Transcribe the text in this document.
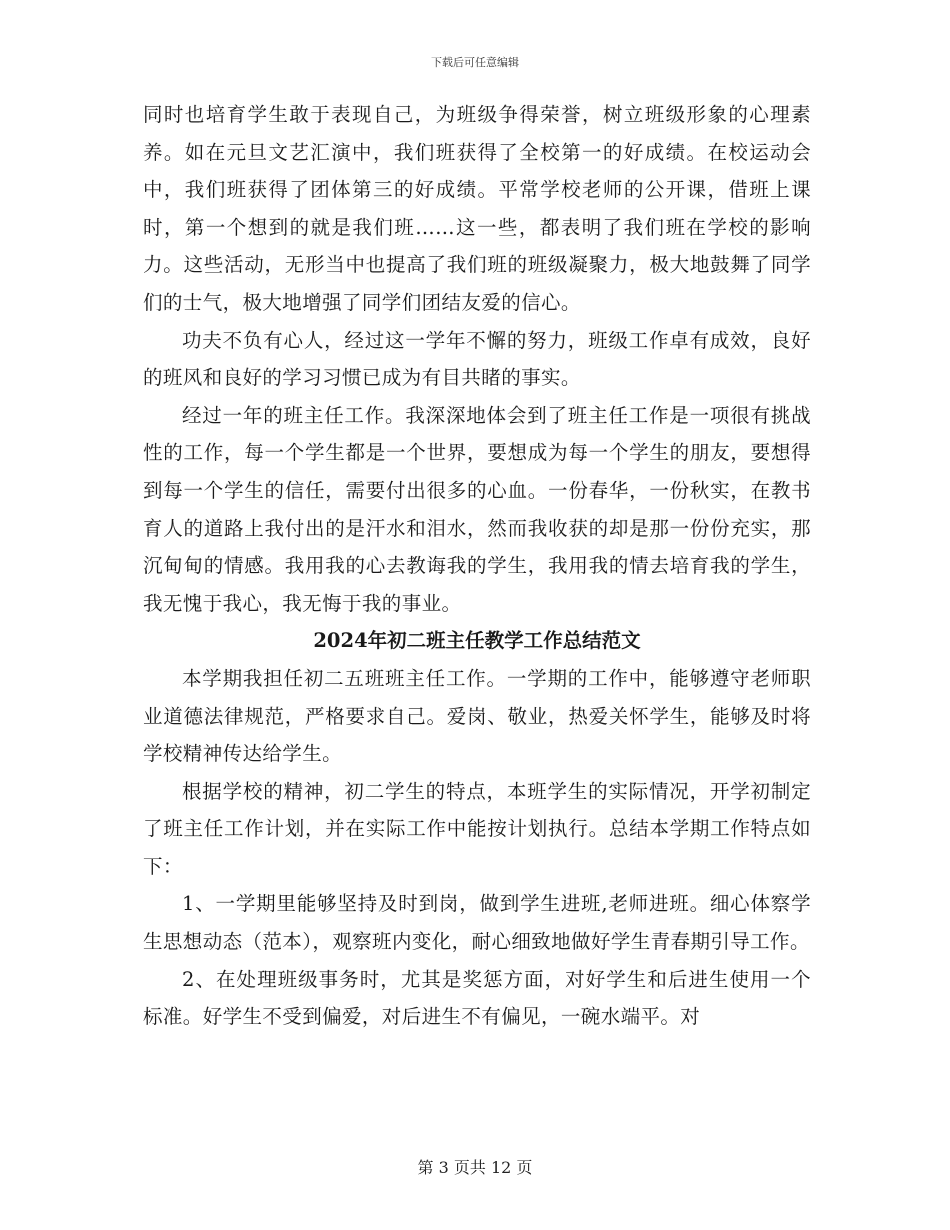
下载后可任意编辑

同时也培育学生敢于表现自己，为班级争得荣誉，树立班级形象的心理素养。如在元旦文艺汇演中，我们班获得了全校第一的好成绩。在校运动会中，我们班获得了团体第三的好成绩。平常学校老师的公开课，借班上课时，第一个想到的就是我们班……这一些，都表明了我们班在学校的影响力。这些活动，无形当中也提高了我们班的班级凝聚力，极大地鼓舞了同学们的士气，极大地增强了同学们团结友爱的信心。

功夫不负有心人，经过这一学年不懈的努力，班级工作卓有成效，良好的班风和良好的学习习惯已成为有目共睹的事实。

经过一年的班主任工作。我深深地体会到了班主任工作是一项很有挑战性的工作，每一个学生都是一个世界，要想成为每一个学生的朋友，要想得到每一个学生的信任，需要付出很多的心血。一份春华，一份秋实，在教书育人的道路上我付出的是汗水和泪水，然而我收获的却是那一份份充实，那沉甸甸的情感。我用我的心去教诲我的学生，我用我的情去培育我的学生，我无愧于我心，我无悔于我的事业。

2024年初二班主任教学工作总结范文

本学期我担任初二五班班主任工作。一学期的工作中，能够遵守老师职业道德法律规范，严格要求自己。爱岗、敬业，热爱关怀学生，能够及时将学校精神传达给学生。

根据学校的精神，初二学生的特点，本班学生的实际情况，开学初制定了班主任工作计划，并在实际工作中能按计划执行。总结本学期工作特点如下：

1、一学期里能够坚持及时到岗，做到学生进班,老师进班。细心体察学生思想动态（范本），观察班内变化，耐心细致地做好学生青春期引导工作。

2、在处理班级事务时，尤其是奖惩方面，对好学生和后进生使用一个标准。好学生不受到偏爱，对后进生不有偏见，一碗水端平。对

第 3 页共 12 页
